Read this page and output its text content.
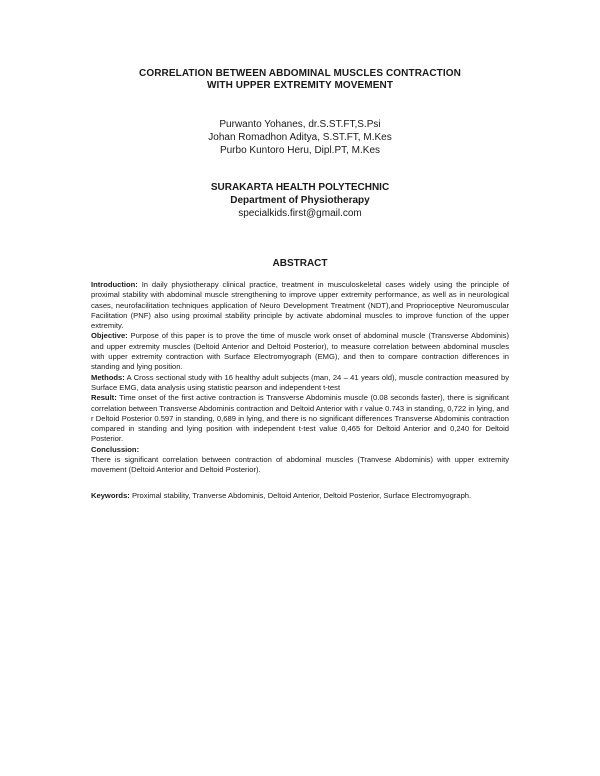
CORRELATION BETWEEN ABDOMINAL MUSCLES CONTRACTION
WITH UPPER EXTREMITY MOVEMENT
Purwanto Yohanes, dr.S.ST.FT,S.Psi
Johan Romadhon Aditya, S.ST.FT, M.Kes
Purbo Kuntoro Heru, Dipl.PT, M.Kes
SURAKARTA HEALTH POLYTECHNIC
Department of Physiotherapy
specialkids.first@gmail.com
ABSTRACT

Introduction: In daily physiotherapy clinical practice, treatment in musculoskeletal cases widely using the principle of proximal stability with abdominal muscle strengthening to improve upper extremity performance, as well as in neurological cases, neurofacilitation techniques application of Neuro Development Treatment (NDT),and Proprioceptive Neuromuscular Facilitation (PNF) also using proximal stability principle by activate abdominal muscles to improve function of the upper extremity.

Objective: Purpose of this paper is to prove the time of muscle work onset of abdominal muscle (Transverse Abdominis) and upper extremity muscles (Deltoid Anterior and Deltoid Posterior), to measure correlation between abdominal muscles with upper extremity contraction with Surface Electromyograph (EMG), and then to compare contraction differences in standing and lying position.

Methods: A Cross sectional study with 16 healthy adult subjects (man, 24 – 41 years old), muscle contraction measured by Surface EMG, data analysis using statistic pearson and independent t-test

Result: Time onset of the first active contraction is Transverse Abdominis muscle (0.08 seconds faster), there is significant correlation between Transverse Abdominis contraction and Deltoid Anterior with r value 0.743 in standing, 0,722 in lying, and r Deltoid Posterior 0.597 in standing, 0,689 in lying, and there is no significant differences Transverse Abdominis contraction compared in standing and lying position with independent t-test value 0,465 for Deltoid Anterior and 0,240 for Deltoid Posterior.

Conclussion:

There is significant correlation between contraction of abdominal muscles (Tranvese Abdominis) with upper extremity movement (Deltoid Anterior and Deltoid Posterior).

Keywords: Proximal stability, Tranverse Abdominis, Deltoid Anterior, Deltoid Posterior, Surface Electromyograph.
